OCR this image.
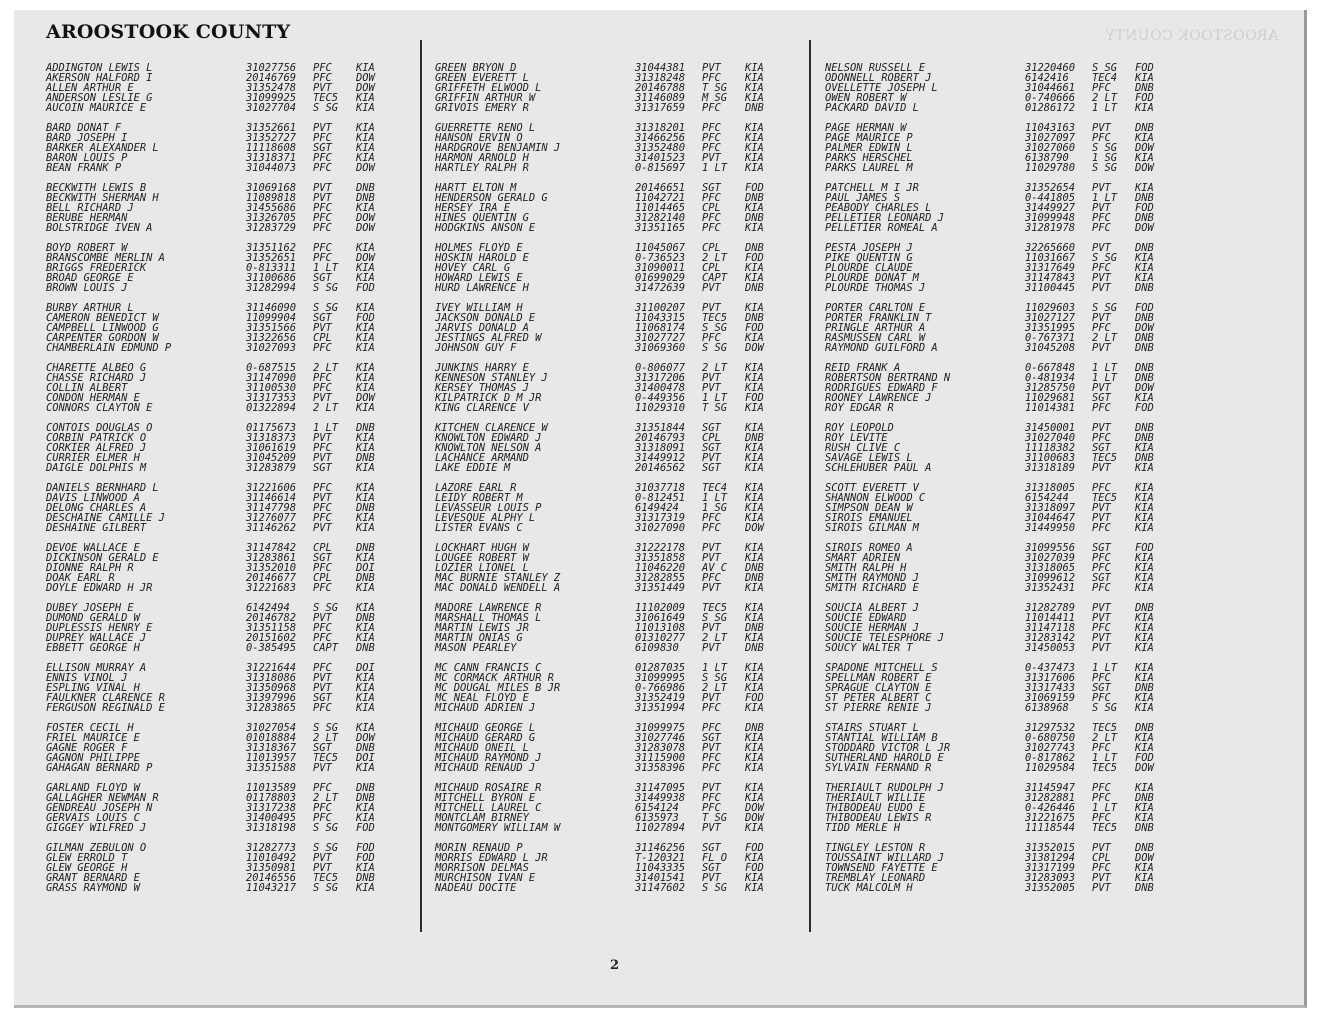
AROOSTOOK COUNTY	AROOSTOOK COUNTY
ADDINGTON LEWIS L	31027756	PFC	KIA
AKERSON HALFORD I	20146769	PFC	DOW
ALLEN ARTHUR E	31352478	PVT	DOW
ANDERSON LESLIE G	31099925	TEC5	KIA
AUCOIN MAURICE E	31027704	S SG	KIA
BARD DONAT F	31352661	PVT	KIA
BARD JOSEPH I	31352727	PFC	KIA
BARKER ALEXANDER L	11118608	SGT	KIA
BARON LOUIS P	31318371	PFC	KIA
BEAN FRANK P	31044073	PFC	DOW
BECKWITH LEWIS B	31069168	PVT	DNB
BECKWITH SHERMAN H	11089818	PVT	DNB
BELL RICHARD J	31455686	PFC	KIA
BERUBE HERMAN	31326705	PFC	DOW
BOLSTRIDGE IVEN A	31283729	PFC	DOW
BOYD ROBERT W	31351162	PFC	KIA
BRANSCOMBE MERLIN A	31352651	PFC	DOW
BRIGGS FREDERICK	0-813311	1 LT	KIA
BROAD GEORGE E	31100686	SGT	KIA
BROWN LOUIS J	31282994	S SG	FOD
BURBY ARTHUR L	31146090	S SG	KIA
CAMERON BENEDICT W	11099904	SGT	FOD
CAMPBELL LINWOOD G	31351566	PVT	KIA
CARPENTER GORDON W	31322656	CPL	KIA
CHAMBERLAIN EDMUND P	31027093	PFC	KIA
CHARETTE ALBEO G	0-687515	2 LT	KIA
CHASSE RICHARD J	31147090	PFC	KIA
COLLIN ALBERT	31100530	PFC	KIA
CONDON HERMAN E	31317353	PVT	DOW
CONNORS CLAYTON E	01322894	2 LT	KIA
CONTOIS DOUGLAS O	01175673	1 LT	DNB
CORBIN PATRICK O	31318373	PVT	KIA
CORKIER ALFRED J	31061619	PFC	KIA
CURRIER ELMER H	31045209	PVT	DNB
DAIGLE DOLPHIS M	31283879	SGT	KIA
DANIELS BERNHARD L	31221606	PFC	KIA
DAVIS LINWOOD A	31146614	PVT	KIA
DELONG CHARLES A	31147798	PFC	DNB
DESCHAINE CAMILLE J	31276077	PFC	KIA
DESHAINE GILBERT	31146262	PVT	KIA
DEVOE WALLACE E	31147842	CPL	DNB
DICKINSON GERALD E	31283861	SGT	KIA
DIONNE RALPH R	31352010	PFC	DOI
DOAK EARL R	20146677	CPL	DNB
DOYLE EDWARD H JR	31221683	PFC	KIA
DUBEY JOSEPH E	6142494	S SG	KIA
DUMOND GERALD W	20146782	PVT	DNB
DUPLESSIS HENRY E	31351158	PFC	KIA
DUPREY WALLACE J	20151602	PFC	KIA
EBBETT GEORGE H	0-385495	CAPT	DNB
ELLISON MURRAY A	31221644	PFC	DOI
ENNIS VINOL J	31318086	PVT	KIA
ESPLING VINAL H	31350968	PVT	KIA
FAULKNER CLARENCE R	31397996	SGT	KIA
FERGUSON REGINALD E	31283865	PFC	KIA
FOSTER CECIL H	31027054	S SG	KIA
FRIEL MAURICE E	01018884	2 LT	DOW
GAGNE ROGER F	31318367	SGT	DNB
GAGNON PHILIPPE	11013957	TEC5	DOI
GAHAGAN BERNARD P	31351588	PVT	KIA
GARLAND FLOYD W	11013589	PFC	DNB
GALLAGHER NEWMAN R	01178803	2 LT	DNB
GENDREAU JOSEPH N	31317238	PFC	KIA
GERVAIS LOUIS C	31400495	PFC	KIA
GIGGEY WILFRED J	31318198	S SG	FOD
GILMAN ZEBULON O	31282773	S SG	FOD
GLEW ERROLD T	11010492	PVT	FOD
GLEW GEORGE H	31350981	PVT	KIA
GRANT BERNARD E	20146556	TEC5	DNB
GRASS RAYMOND W	11043217	S SG	KIA
GREEN BRYON D	31044381	PVT	KIA
GREEN EVERETT L	31318248	PFC	KIA
GRIFFETH ELWOOD L	20146788	T SG	KIA
GRIFFIN ARTHUR W	31146089	M SG	KIA
GRIVOIS EMERY R	31317659	PFC	DNB
GUERRETTE RENO L	31318201	PFC	KIA
HANSON ERVIN O	31466256	PFC	KIA
HARDGROVE BENJAMIN J	31352480	PFC	KIA
HARMON ARNOLD H	31401523	PVT	KIA
HARTLEY RALPH R	0-815697	1 LT	KIA
HARTT ELTON M	20146651	SGT	FOD
HENDERSON GERALD G	11042721	PFC	DNB
HERSEY IRA E	11014465	CPL	KIA
HINES QUENTIN G	31282140	PFC	DNB
HODGKINS ANSON E	31351165	PFC	KIA
HOLMES FLOYD E	11045067	CPL	DNB
HOSKIN HAROLD E	0-736523	2 LT	FOD
HOVEY CARL G	31090011	CPL	KIA
HOWARD LEWIS E	01699029	CAPT	KIA
HURD LAWRENCE H	31472639	PVT	DNB
IVEY WILLIAM H	31100207	PVT	KIA
JACKSON DONALD E	11043315	TEC5	DNB
JARVIS DONALD A	11068174	S SG	FOD
JESTINGS ALFRED W	31027727	PFC	KIA
JOHNSON GUY F	31069360	S SG	DOW
JUNKINS HARRY E	0-806077	2 LT	KIA
KENNESON STANLEY J	31317206	PVT	KIA
KERSEY THOMAS J	31400478	PVT	KIA
KILPATRICK D M JR	0-449356	1 LT	FOD
KING CLARENCE V	11029310	T SG	KIA
KITCHEN CLARENCE W	31351844	SGT	KIA
KNOWLTON EDWARD J	20146793	CPL	DNB
KNOWLTON NELSON A	31318091	SGT	KIA
LACHANCE ARMAND	31449912	PVT	KIA
LAKE EDDIE M	20146562	SGT	KIA
LAZORE EARL R	31037718	TEC4	KIA
LEIDY ROBERT M	0-812451	1 LT	KIA
LEVASSEUR LOUIS P	6149424	1 SG	KIA
LEVESQUE ALPHY L	31317319	PFC	KIA
LISTER EVANS C	31027090	PFC	DOW
LOCKHART HUGH W	31222178	PVT	KIA
LOUGEE ROBERT W	31351858	PVT	KIA
LOZIER LIONEL L	11046220	AV C	DNB
MAC BURNIE STANLEY Z	31282855	PFC	DNB
MAC DONALD WENDELL A	31351449	PVT	KIA
MADORE LAWRENCE R	11102009	TEC5	KIA
MARSHALL THOMAS L	31061649	S SG	KIA
MARTIN LEWIS JR	11013108	PVT	DNB
MARTIN ONIAS G	01310277	2 LT	KIA
MASON PEARLEY	6109830	PVT	DNB
MC CANN FRANCIS C	01287035	1 LT	KIA
MC CORMACK ARTHUR R	31099995	S SG	KIA
MC DOUGAL MILES B JR	0-766986	2 LT	KIA
MC NEAL FLOYD E	31352419	PVT	FOD
MICHAUD ADRIEN J	31351994	PFC	KIA
MICHAUD GEORGE L	31099975	PFC	DNB
MICHAUD GERARD G	31027746	SGT	KIA
MICHAUD ONEIL L	31283078	PVT	KIA
MICHAUD RAYMOND J	31115900	PFC	KIA
MICHAUD RENAUD J	31358396	PFC	KIA
MICHAUD ROSAIRE R	31147095	PVT	KIA
MITCHELL BYRON E	31449938	PFC	KIA
MITCHELL LAUREL C	6154124	PFC	DOW
MONTCLAM BIRNEY	6135973	T SG	DOW
MONTGOMERY WILLIAM W	11027894	PVT	KIA
MORIN RENAUD P	31146256	SGT	FOD
MORRIS EDWARD L JR	T-120321	FL O	KIA
MORRISON DELMAS	11043335	SGT	FOD
MURCHISON IVAN E	31401541	PVT	KIA
NADEAU DOCITE	31147602	S SG	KIA
NELSON RUSSELL E	31220460	S SG	FOD
ODONNELL ROBERT J	6142416	TEC4	KIA
OVELLETTE JOSEPH L	31044661	PFC	DNB
OWEN ROBERT W	0-740666	2 LT	FOD
PACKARD DAVID L	01286172	1 LT	KIA
PAGE HERMAN W	11043163	PVT	DNB
PAGE MAURICE P	31027097	PFC	KIA
PALMER EDWIN L	31027060	S SG	DOW
PARKS HERSCHEL	6138790	1 SG	KIA
PARKS LAUREL M	11029780	S SG	DOW
PATCHELL M I JR	31352654	PVT	KIA
PAUL JAMES S	0-441805	1 LT	DNB
PEABODY CHARLES L	31449927	PVT	FOD
PELLETIER LEONARD J	31099948	PFC	DNB
PELLETIER ROMEAL A	31281978	PFC	DOW
PESTA JOSEPH J	32265660	PVT	DNB
PIKE QUENTIN G	11031667	S SG	KIA
PLOURDE CLAUDE	31317649	PFC	KIA
PLOURDE DONAT M	31147843	PVT	KIA
PLOURDE THOMAS J	31100445	PVT	DNB
PORTER CARLTON E	11029603	S SG	FOD
PORTER FRANKLIN T	31027127	PVT	DNB
PRINGLE ARTHUR A	31351995	PFC	DOW
RASMUSSEN CARL W	0-767371	2 LT	DNB
RAYMOND GUILFORD A	31045208	PVT	DNB
REID FRANK A	0-667848	1 LT	DNB
ROBERTSON BERTRAND N	0-481934	1 LT	DNB
RODRIGUES EDWARD F	31285750	PVT	DOW
ROONEY LAWRENCE J	11029681	SGT	KIA
ROY EDGAR R	11014381	PFC	FOD
ROY LEOPOLD	31450001	PVT	DNB
ROY LEVITE	31027040	PFC	DNB
RUSH CLIVE C	11118382	SGT	KIA
SAVAGE LEWIS L	31100683	TEC5	DNB
SCHLEHUBER PAUL A	31318189	PVT	KIA
SCOTT EVERETT V	31318005	PFC	KIA
SHANNON ELWOOD C	6154244	TEC5	KIA
SIMPSON DEAN W	31318097	PVT	KIA
SIROIS EMANUEL	31044647	PVT	KIA
SIROIS GILMAN M	31449950	PFC	KIA
SIROIS ROMEO A	31099556	SGT	FOD
SMART ADRIEN	31027039	PFC	KIA
SMITH RALPH H	31318065	PFC	KIA
SMITH RAYMOND J	31099612	SGT	KIA
SMITH RICHARD E	31352431	PFC	KIA
SOUCIA ALBERT J	31282789	PVT	DNB
SOUCIE EDWARD	11014411	PVT	KIA
SOUCIE HERMAN J	31147118	PFC	KIA
SOUCIE TELESPHORE J	31283142	PVT	KIA
SOUCY WALTER T	31450053	PVT	KIA
SPADONE MITCHELL S	0-437473	1 LT	KIA
SPELLMAN ROBERT E	31317606	PFC	KIA
SPRAGUE CLAYTON E	31317433	SGT	DNB
ST PETER ALBERT C	31069159	PFC	KIA
ST PIERRE RENIE J	6138968	S SG	KIA
STAIRS STUART L	31297532	TEC5	DNB
STANTIAL WILLIAM B	0-680750	2 LT	KIA
STODDARD VICTOR L JR	31027743	PFC	KIA
SUTHERLAND HAROLD E	0-817862	1 LT	FOD
SYLVAIN FERNAND R	11029584	TEC5	DOW
THERIAULT RUDOLPH J	31145947	PFC	KIA
THERIAULT WILLIE	31282881	PFC	DNB
THIBODEAU EUDO E	0-426446	1 LT	KIA
THIBODEAU LEWIS R	31221675	PFC	KIA
TIDD MERLE H	11118544	TEC5	DNB
TINGLEY LESTON R	31352015	PVT	DNB
TOUSSAINT WILLARD J	31381294	CPL	DOW
TOWNSEND FAYETTE E	31317199	PFC	KIA
TREMBLAY LEONARD	31283093	PVT	KIA
TUCK MALCOLM H	31352005	PVT	DNB
2
